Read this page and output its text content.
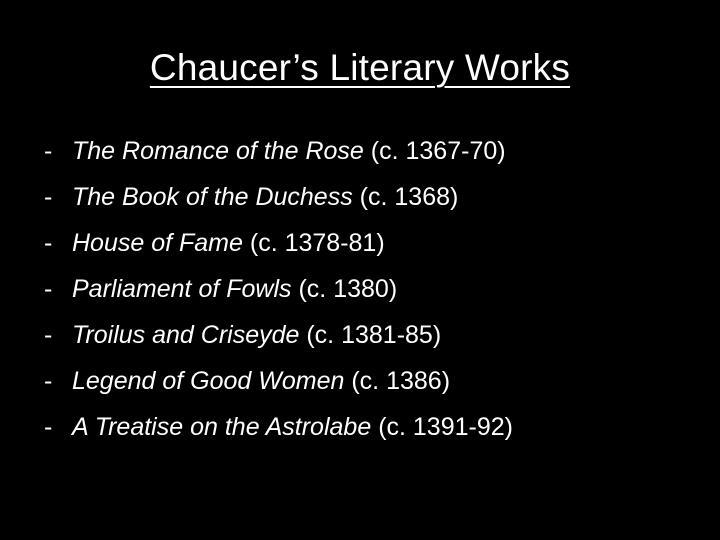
Chaucer’s Literary Works
- The Romance of the Rose
(c. 1367-70)
- The Book of the Duchess
(c. 1368)
- House of Fame
(c. 1378-81)
- Parliament of Fowls
(c. 1380)
- Troilus and Criseyde
(c. 1381-85)
- Legend of Good Women
(c. 1386)
- A Treatise on the Astrolabe
(c. 1391-92)
